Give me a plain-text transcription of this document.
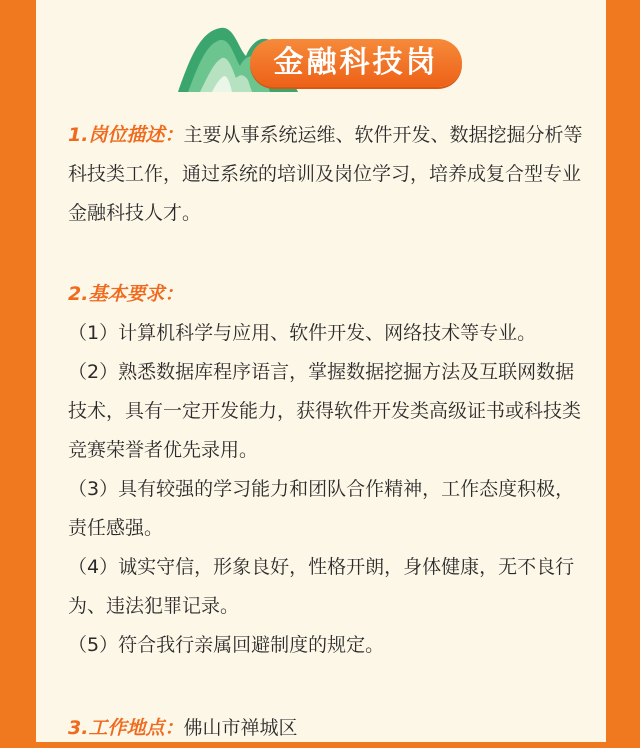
金融科技岗

1.岗位描述：主要从事系统运维、软件开发、数据挖掘分析等科技类工作，通过系统的培训及岗位学习，培养成复合型专业金融科技人才。

2.基本要求：

（1）计算机科学与应用、软件开发、网络技术等专业。

（2）熟悉数据库程序语言，掌握数据挖掘方法及互联网数据技术，具有一定开发能力，获得软件开发类高级证书或科技类竞赛荣誉者优先录用。

（3）具有较强的学习能力和团队合作精神，工作态度积极，责任感强。

（4）诚实守信，形象良好，性格开朗，身体健康，无不良行为、违法犯罪记录。

（5）符合我行亲属回避制度的规定。

3.工作地点：佛山市禅城区
